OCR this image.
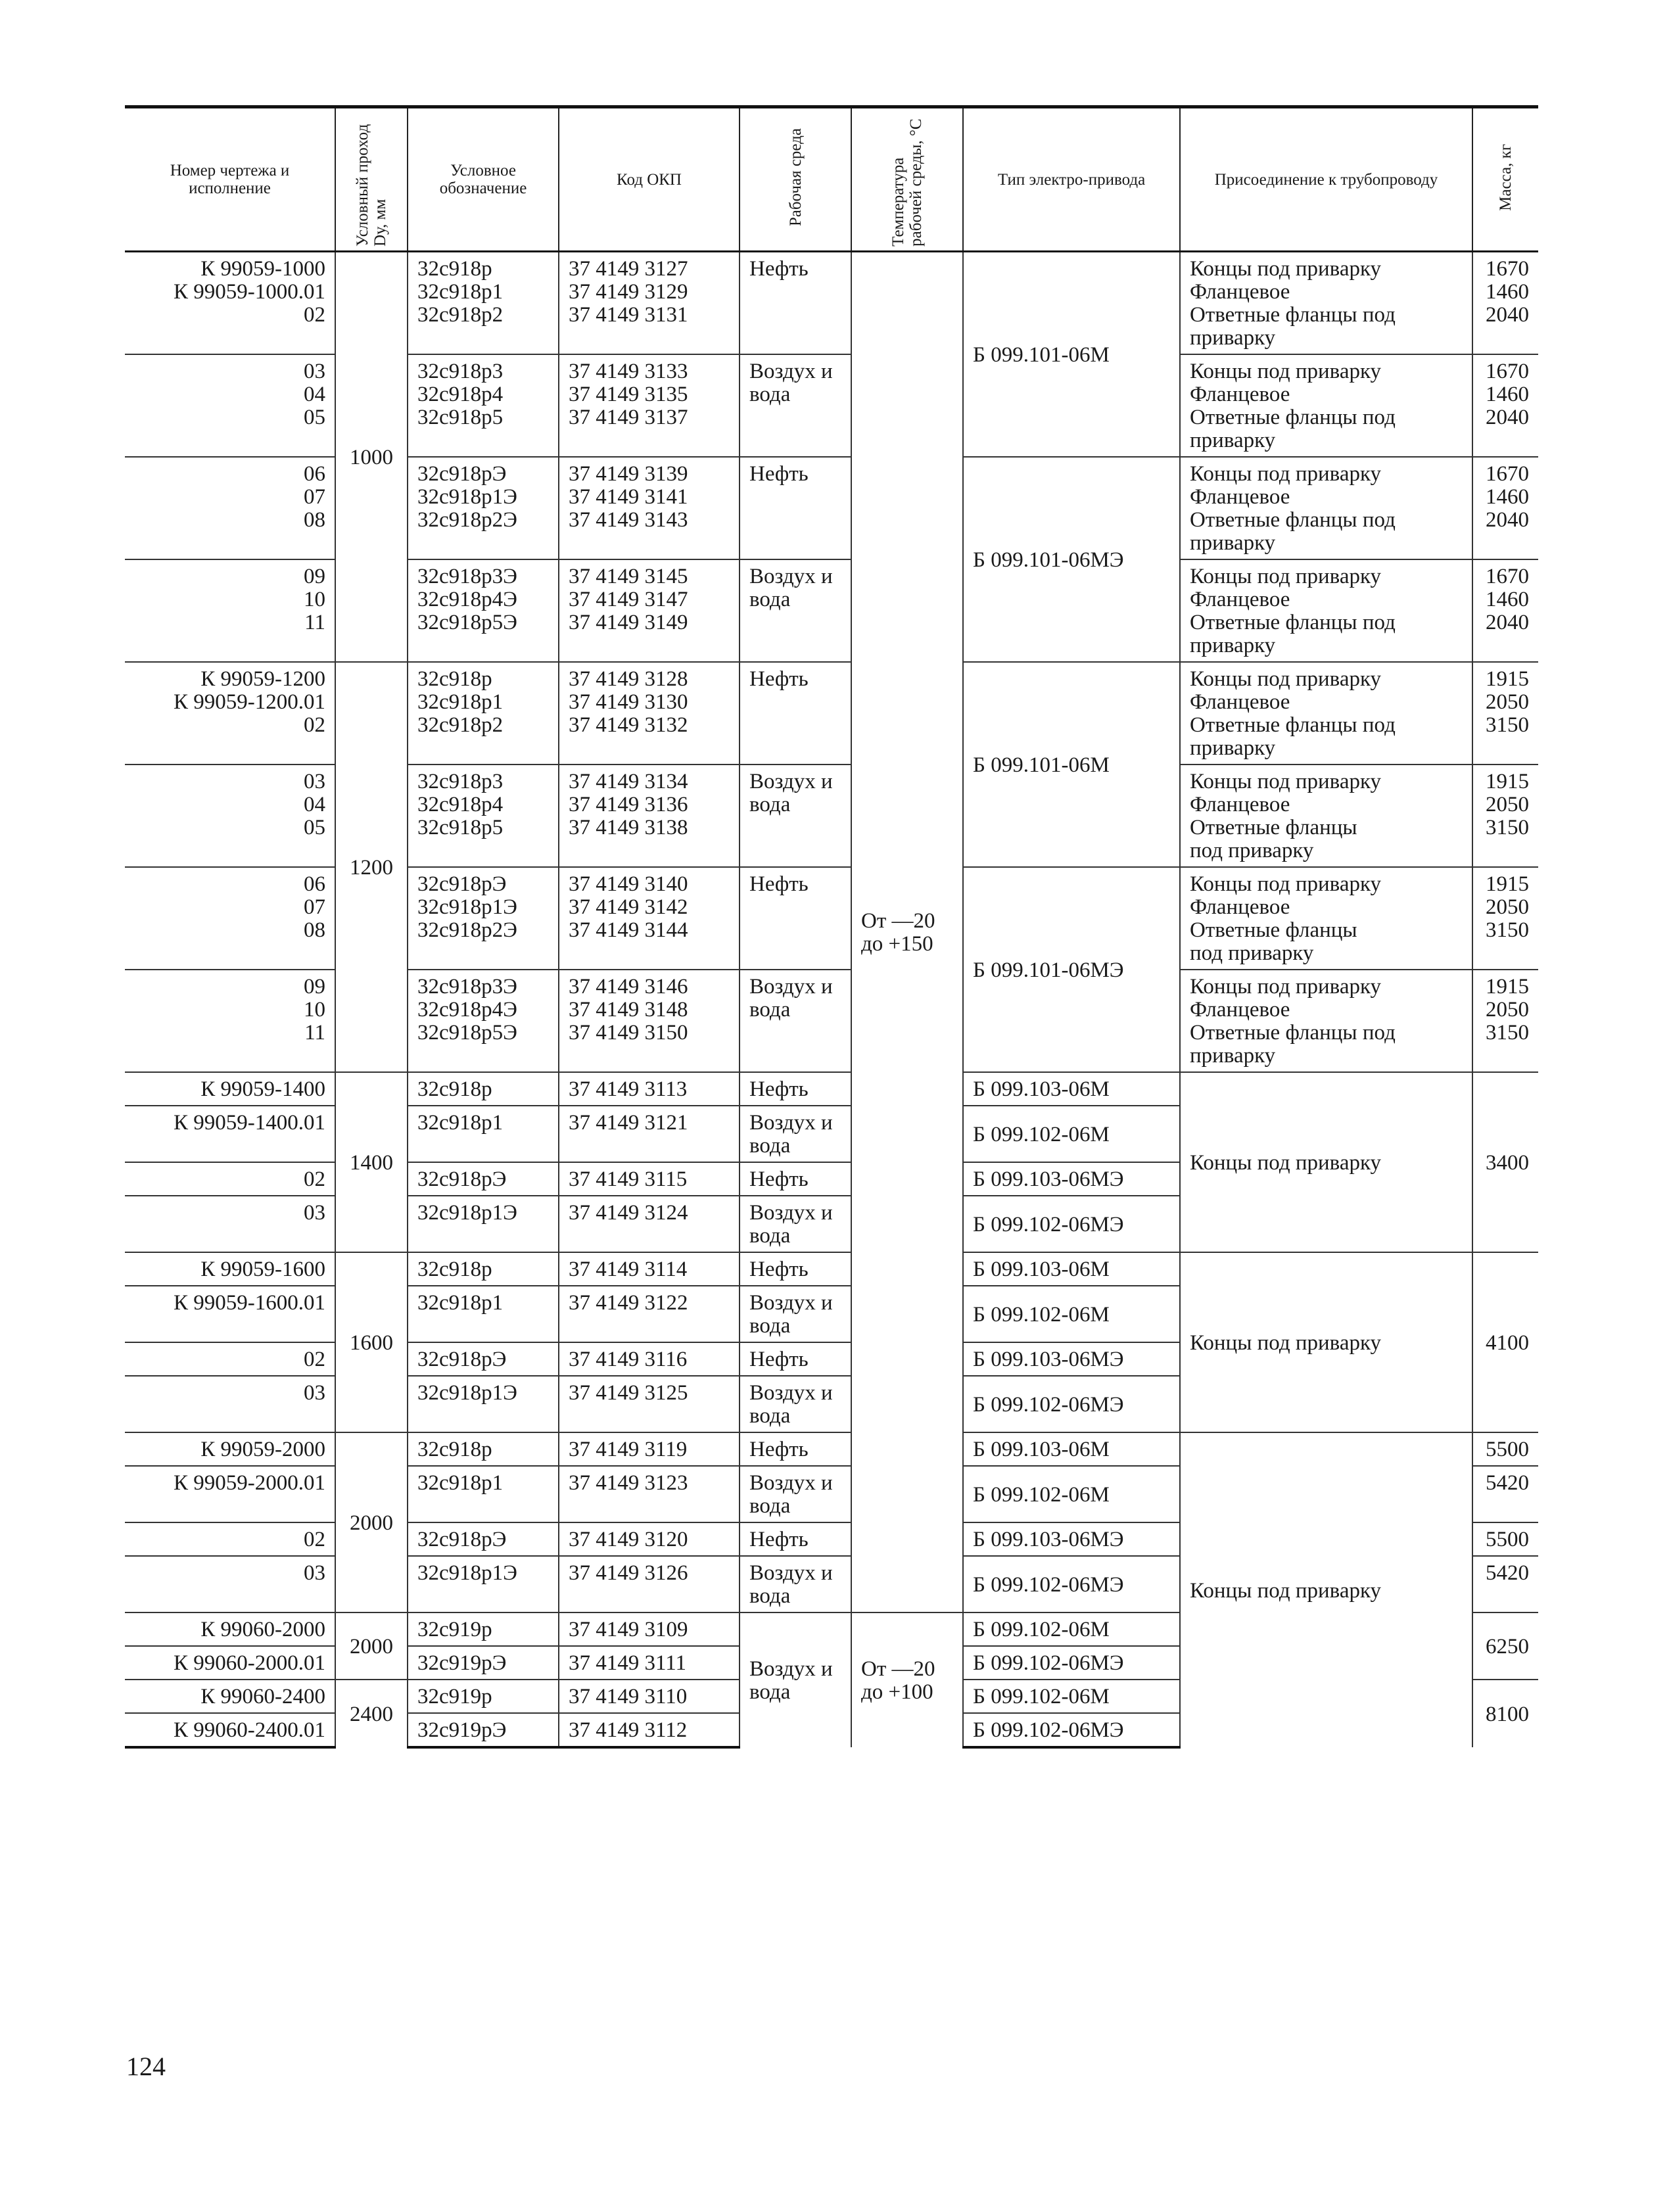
Номер чертежа и исполнение	Условный проход Dу, мм	Условное обозначение	Код ОКП	Рабочая среда	Температура рабочей среды, °С	Тип электро-привода	Присоединение к трубопроводу	Масса, кг

К 99059-1000
К 99059-1000.01
02	1000	32с918р
32с918р1
32с918р2	37 4149 3127
37 4149 3129
37 4149 3131	Нефть	От —20 до +150	Б 099.101-06М	Концы под приварку
Фланцевое
Ответные фланцы под приварку	1670
1460
2040

03
04
05		32с918р3
32с918р4
32с918р5	37 4149 3133
37 4149 3135
37 4149 3137	Воздух и вода			Концы под приварку
Фланцевое
Ответные фланцы под приварку	1670
1460
2040

06
07
08		32с918рЭ
32с918р1Э
32с918р2Э	37 4149 3139
37 4149 3141
37 4149 3143	Нефть		Б 099.101-06МЭ	Концы под приварку
Фланцевое
Ответные фланцы под приварку	1670
1460
2040

09
10
11		32с918р3Э
32с918р4Э
32с918р5Э	37 4149 3145
37 4149 3147
37 4149 3149	Воздух и вода			Концы под приварку
Фланцевое
Ответные фланцы под приварку	1670
1460
2040

К 99059-1200
К 99059-1200.01
02	1200	32с918р
32с918р1
32с918р2	37 4149 3128
37 4149 3130
37 4149 3132	Нефть		Б 099.101-06М	Концы под приварку
Фланцевое
Ответные фланцы под приварку	1915
2050
3150

03
04
05		32с918р3
32с918р4
32с918р5	37 4149 3134
37 4149 3136
37 4149 3138	Воздух и вода			Концы под приварку
Фланцевое
Ответные фланцы
под приварку	1915
2050
3150

06
07
08		32с918рЭ
32с918р1Э
32с918р2Э	37 4149 3140
37 4149 3142
37 4149 3144	Нефть		Б 099.101-06МЭ	Концы под приварку
Фланцевое
Ответные фланцы
под приварку	1915
2050
3150

09
10
11		32с918р3Э
32с918р4Э
32с918р5Э	37 4149 3146
37 4149 3148
37 4149 3150	Воздух и вода			Концы под приварку
Фланцевое
Ответные фланцы под приварку	1915
2050
3150

К 99059-1400	1400	32с918р	37 4149 3113	Нефть		Б 099.103-06М	Концы под приварку	3400
К 99059-1400.01		32с918р1	37 4149 3121	Воздух и вода		Б 099.102-06М		
02		32с918рЭ	37 4149 3115	Нефть		Б 099.103-06МЭ		
03		32с918р1Э	37 4149 3124	Воздух и вода		Б 099.102-06МЭ		
К 99059-1600	1600	32с918р	37 4149 3114	Нефть		Б 099.103-06М	Концы под приварку	4100
К 99059-1600.01		32с918р1	37 4149 3122	Воздух и вода		Б 099.102-06М		
02		32с918рЭ	37 4149 3116	Нефть		Б 099.103-06МЭ		
03		32с918р1Э	37 4149 3125	Воздух и вода		Б 099.102-06МЭ		
К 99059-2000	2000	32с918р	37 4149 3119	Нефть		Б 099.103-06М	Концы под приварку	5500
К 99059-2000.01		32с918р1	37 4149 3123	Воздух и вода		Б 099.102-06М		5420
02		32с918рЭ	37 4149 3120	Нефть		Б 099.103-06МЭ		5500
03		32с918р1Э	37 4149 3126	Воздух и вода		Б 099.102-06МЭ		5420
К 99060-2000	2000	32с919р	37 4149 3109	Воздух и вода	От —20 до +100	Б 099.102-06М		6250
К 99060-2000.01		32с919рЭ	37 4149 3111			Б 099.102-06МЭ		
К 99060-2400	2400	32с919р	37 4149 3110			Б 099.102-06М		8100
К 99060-2400.01		32с919рЭ	37 4149 3112			Б 099.102-06МЭ		
124
